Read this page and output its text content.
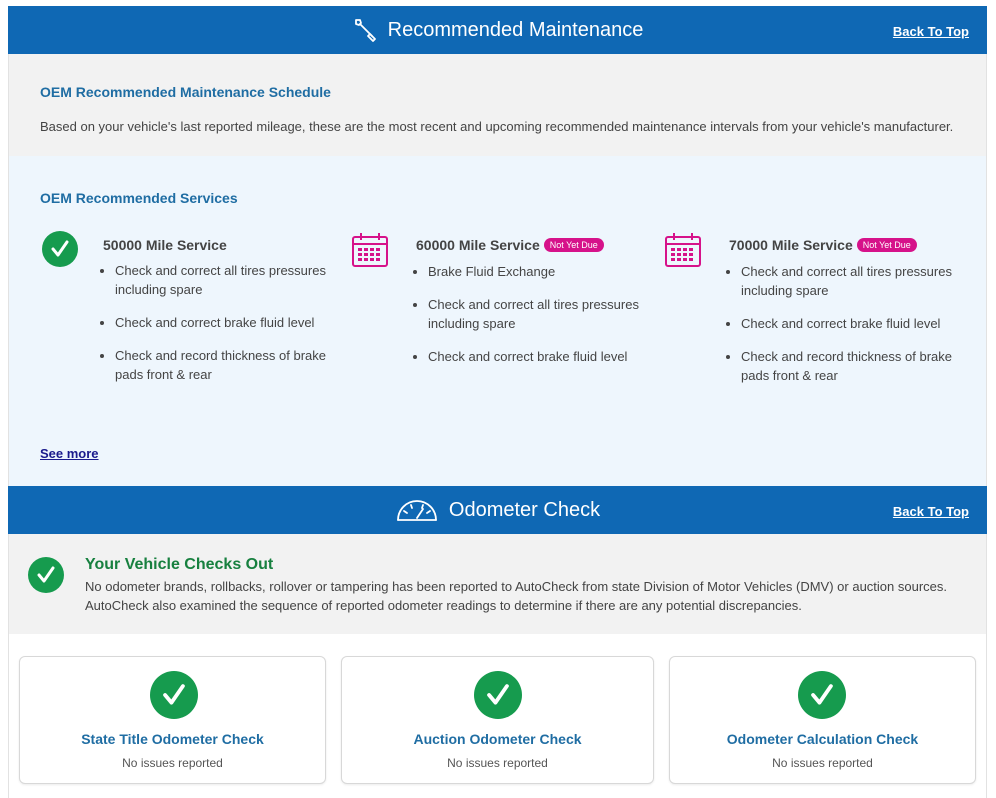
Recommended Maintenance	Back To Top
OEM Recommended Maintenance Schedule
Based on your vehicle's last reported mileage, these are the most recent and upcoming recommended maintenance intervals from your vehicle's manufacturer.
OEM Recommended Services
50000 Mile Service
• Check and correct all tires pressures including spare
• Check and correct brake fluid level
• Check and record thickness of brake pads front & rear
60000 Mile Service	Not Yet Due
• Brake Fluid Exchange
• Check and correct all tires pressures including spare
• Check and correct brake fluid level
70000 Mile Service	Not Yet Due
• Check and correct all tires pressures including spare
• Check and correct brake fluid level
• Check and record thickness of brake pads front & rear
See more
Odometer Check	Back To Top
Your Vehicle Checks Out
No odometer brands, rollbacks, rollover or tampering has been reported to AutoCheck from state Division of Motor Vehicles (DMV) or auction sources.
AutoCheck also examined the sequence of reported odometer readings to determine if there are any potential discrepancies.
State Title Odometer Check
No issues reported
Auction Odometer Check
No issues reported
Odometer Calculation Check
No issues reported
